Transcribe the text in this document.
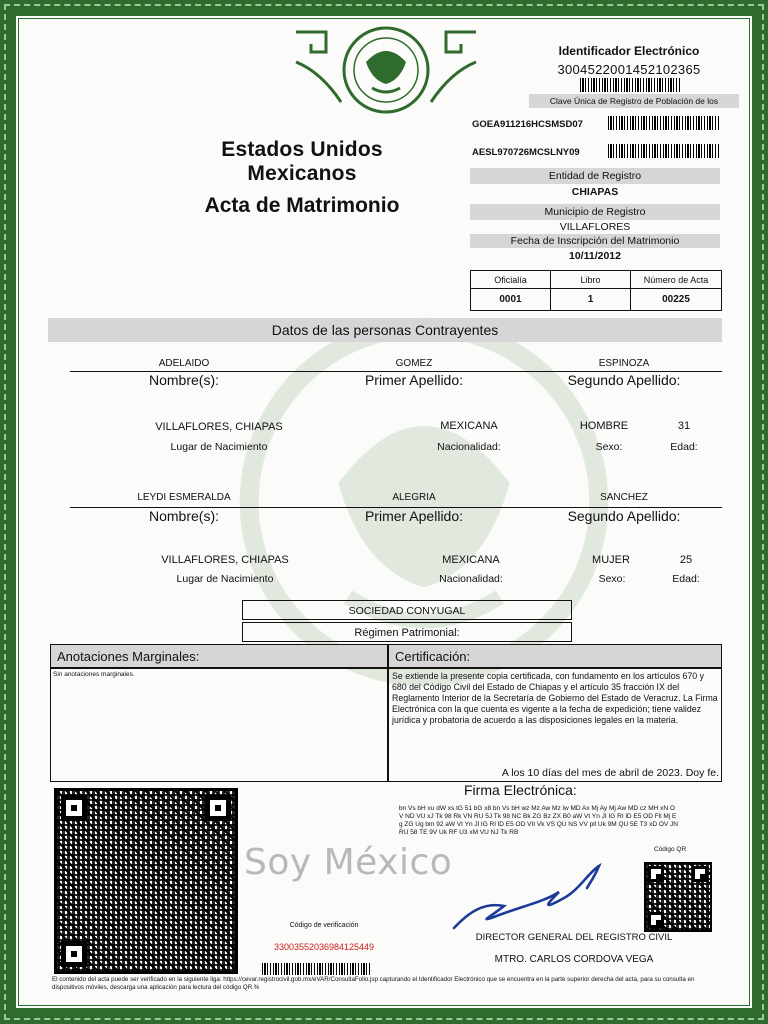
Estados Unidos Mexicanos
Acta de Matrimonio
Identificador Electrónico
3004522001452102365
Clave Única de Registro de Población de los
GOEA911216HCSMSD07
AESL970726MCSLNY09
Entidad de Registro
CHIAPAS
Municipio de Registro
VILLAFLORES
Fecha de Inscripción del Matrimonio
10/11/2012
Oficialía	Libro	Número de Acta
0001	1	00225
Datos de las personas Contrayentes
ADELAIDO	GOMEZ	ESPINOZA
Nombre(s):	Primer Apellido:	Segundo Apellido:
VILLAFLORES, CHIAPAS	MEXICANA	HOMBRE	31
Lugar de Nacimiento	Nacionalidad:	Sexo:	Edad:
LEYDI ESMERALDA	ALEGRIA	SANCHEZ
Nombre(s):	Primer Apellido:	Segundo Apellido:
VILLAFLORES, CHIAPAS	MEXICANA	MUJER	25
Lugar de Nacimiento	Nacionalidad:	Sexo:	Edad:
SOCIEDAD CONYUGAL
Régimen Patrimonial:
Anotaciones Marginales:	Certificación:
Sin anotaciones marginales.	Se extiende la presente copia certificada, con fundamento en los artículos 670 y 680 del Código Civil del Estado de Chiapas y el artículo 35 fracción IX del Reglamento Interior de la Secretaría de Gobierno del Estado de Veracruz. La Firma Electrónica con la que cuenta es vigente a la fecha de expedición; tiene validez jurídica y probatoria de acuerdo a las disposiciones legales en la materia.
A los 10 días del mes de abril de 2023. Doy fe.
Soy México
Firma Electrónica:
bn Vs bH xu dW xs tG 51 bG x8 bn Vs bH wz Mz Aw Mz lw MD Ax Mj Ay Mj Aw MD cz MH xN OV ND VU xJ Tk 98 Rk VN RU 5J Tk 98 NC Bk ZG Bz ZX B0 aW Vt Yn JI IG RI lD E5 OD Fll Mj Eg ZG Ug bm 92 aW Vt Yn Jl IG RI lD E5 OD VII Vk VS QU NS VV pll Uk 9M QU 5E T3 xD OV JN RU 58 TE 9V Uk RF U3 xM VU NJ Tk RB
Código QR
Código de verificación
33003552036984125449
DIRECTOR GENERAL DEL REGISTRO CIVIL
MTRO. CARLOS CORDOVA VEGA
El contenido del acta puede ser verificado en la siguiente liga: https://cevar.registrocivil.gob.mx/eVAR/ConsultaFolio.jsp capturando el Identificador Electrónico que se encuentra en la parte superior derecha del acta, para su consulta en dispositivos móviles, descarga una aplicación para lectura del código QR.%
